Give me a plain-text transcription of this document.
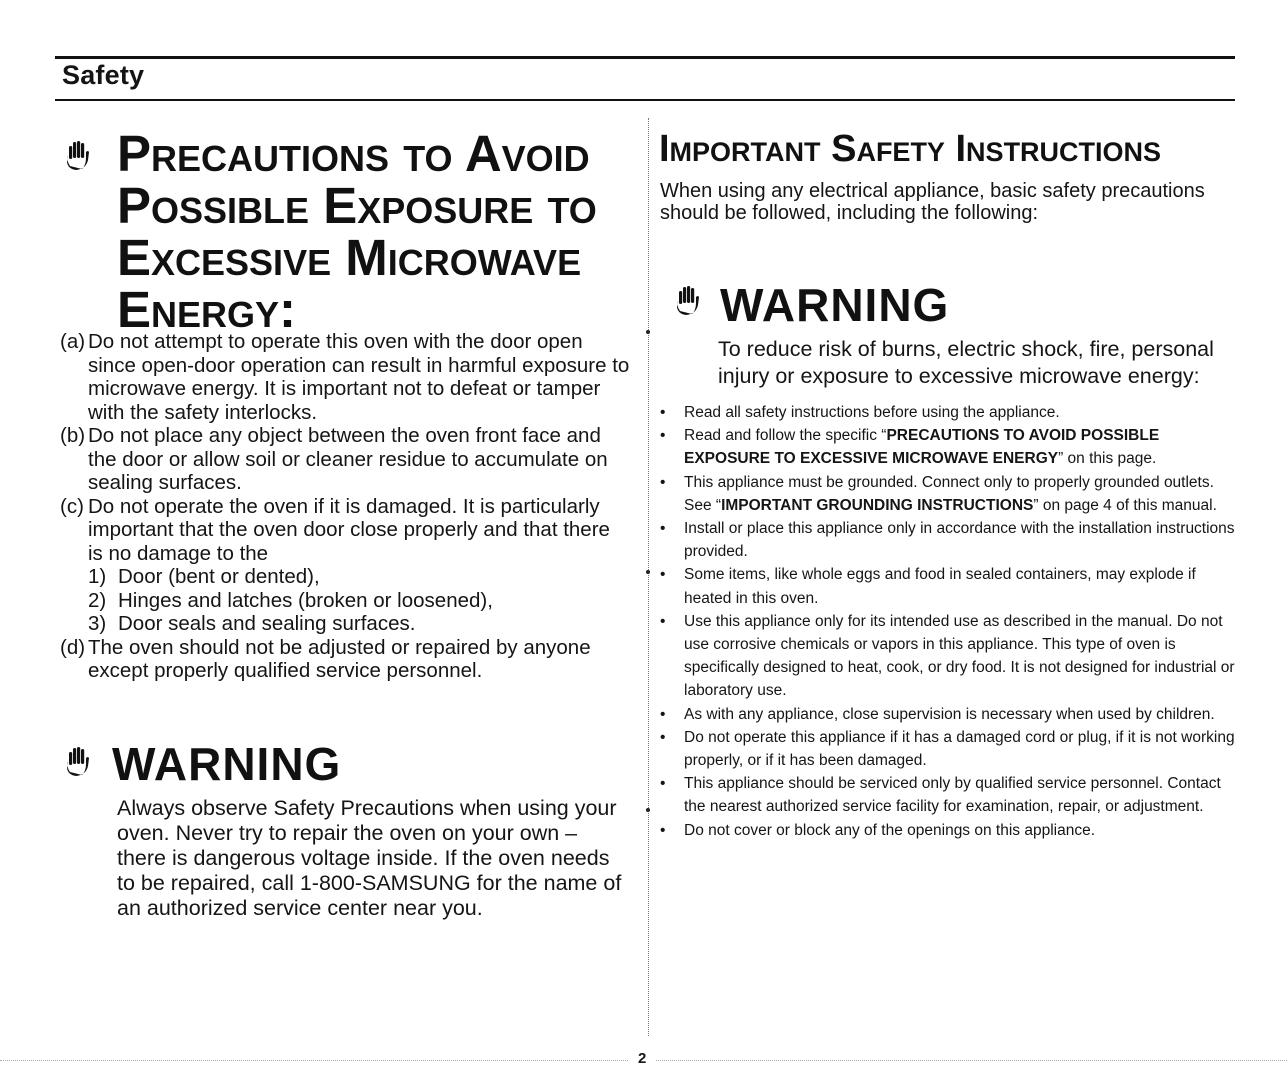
Safety
Precautions to Avoid Possible Exposure to Excessive Microwave Energy:
(a) Do not attempt to operate this oven with the door open since open-door operation can result in harmful exposure to microwave energy. It is important not to defeat or tamper with the safety interlocks.
(b) Do not place any object between the oven front face and the door or allow soil or cleaner residue to accumulate on sealing surfaces.
(c) Do not operate the oven if it is damaged. It is particularly important that the oven door close properly and that there is no damage to the
1) Door (bent or dented),
2) Hinges and latches (broken or loosened),
3) Door seals and sealing surfaces.
(d) The oven should not be adjusted or repaired by anyone except properly qualified service personnel.
WARNING
Always observe Safety Precautions when using your oven. Never try to repair the oven on your own – there is dangerous voltage inside. If the oven needs to be repaired, call 1-800-SAMSUNG for the name of an authorized service center near you.
Important Safety Instructions
When using any electrical appliance, basic safety precautions should be followed, including the following:
WARNING
To reduce risk of burns, electric shock, fire, personal injury or exposure to excessive microwave energy:
•	Read all safety instructions before using the appliance.
•	Read and follow the specific “PRECAUTIONS TO AVOID POSSIBLE EXPOSURE TO EXCESSIVE MICROWAVE ENERGY” on this page.
•	This appliance must be grounded. Connect only to properly grounded outlets. See “IMPORTANT GROUNDING INSTRUCTIONS” on page 4 of this manual.
•	Install or place this appliance only in accordance with the installation instructions provided.
•	Some items, like whole eggs and food in sealed containers, may explode if heated in this oven.
•	Use this appliance only for its intended use as described in the manual. Do not use corrosive chemicals or vapors in this appliance. This type of oven is specifically designed to heat, cook, or dry food. It is not designed for industrial or laboratory use.
•	As with any appliance, close supervision is necessary when used by children.
•	Do not operate this appliance if it has a damaged cord or plug, if it is not working properly, or if it has been damaged.
•	This appliance should be serviced only by qualified service personnel. Contact the nearest authorized service facility for examination, repair, or adjustment.
•	Do not cover or block any of the openings on this appliance.
2
